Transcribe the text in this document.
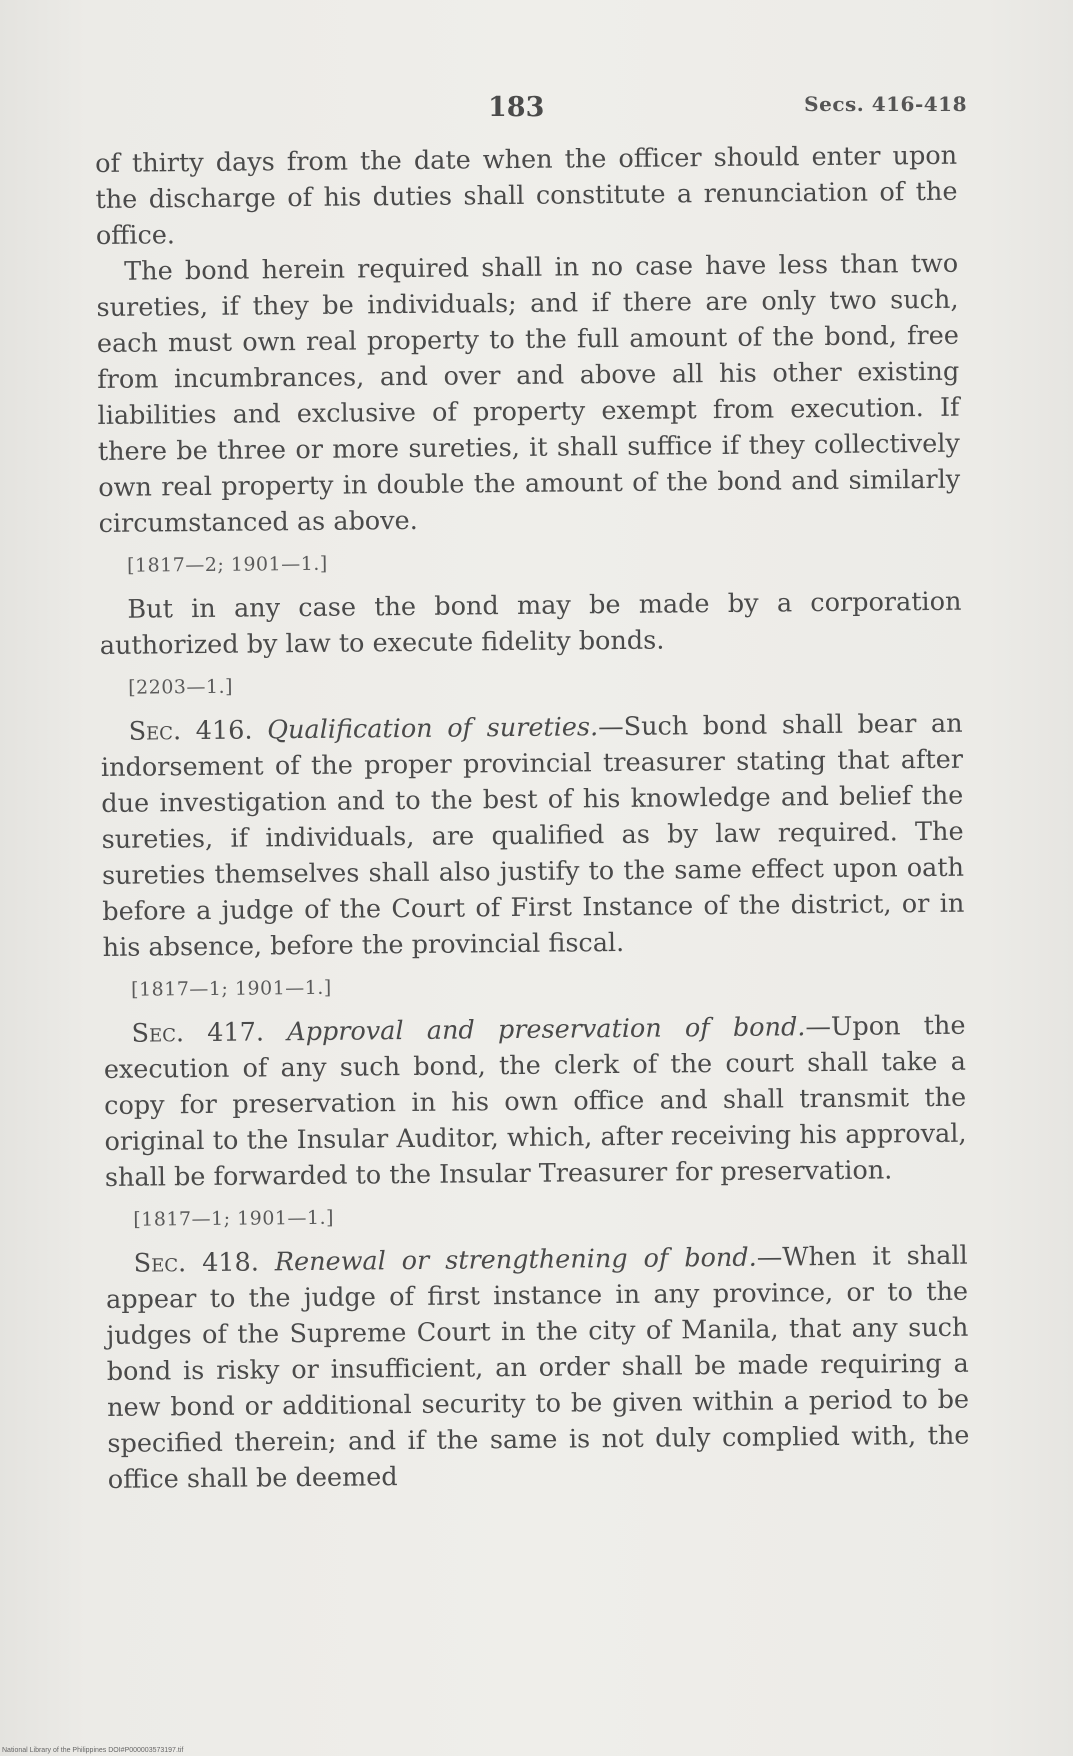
183	Secs. 416-418

of thirty days from the date when the officer should enter upon the discharge of his duties shall constitute a renunciation of the office.

The bond herein required shall in no case have less than two sureties, if they be individuals; and if there are only two such, each must own real property to the full amount of the bond, free from incumbrances, and over and above all his other existing liabilities and exclusive of property exempt from execution. If there be three or more sureties, it shall suffice if they collectively own real property in double the amount of the bond and similarly circumstanced as above.

[1817—2; 1901—1.]

But in any case the bond may be made by a corporation authorized by law to execute fidelity bonds.

[2203—1.]

Sec. 416. Qualification of sureties.—Such bond shall bear an indorsement of the proper provincial treasurer stating that after due investigation and to the best of his knowledge and belief the sureties, if individuals, are qualified as by law required. The sureties themselves shall also justify to the same effect upon oath before a judge of the Court of First Instance of the district, or in his absence, before the provincial fiscal.

[1817—1; 1901—1.]

Sec. 417. Approval and preservation of bond.—Upon the execution of any such bond, the clerk of the court shall take a copy for preservation in his own office and shall transmit the original to the Insular Auditor, which, after receiving his approval, shall be forwarded to the Insular Treasurer for preservation.

[1817—1; 1901—1.]

Sec. 418. Renewal or strengthening of bond.—When it shall appear to the judge of first instance in any province, or to the judges of the Supreme Court in the city of Manila, that any such bond is risky or insufficient, an order shall be made requiring a new bond or additional security to be given within a period to be specified therein; and if the same is not duly complied with, the office shall be deemed

National Library of the Philippines DOI#P000003573197.tif
